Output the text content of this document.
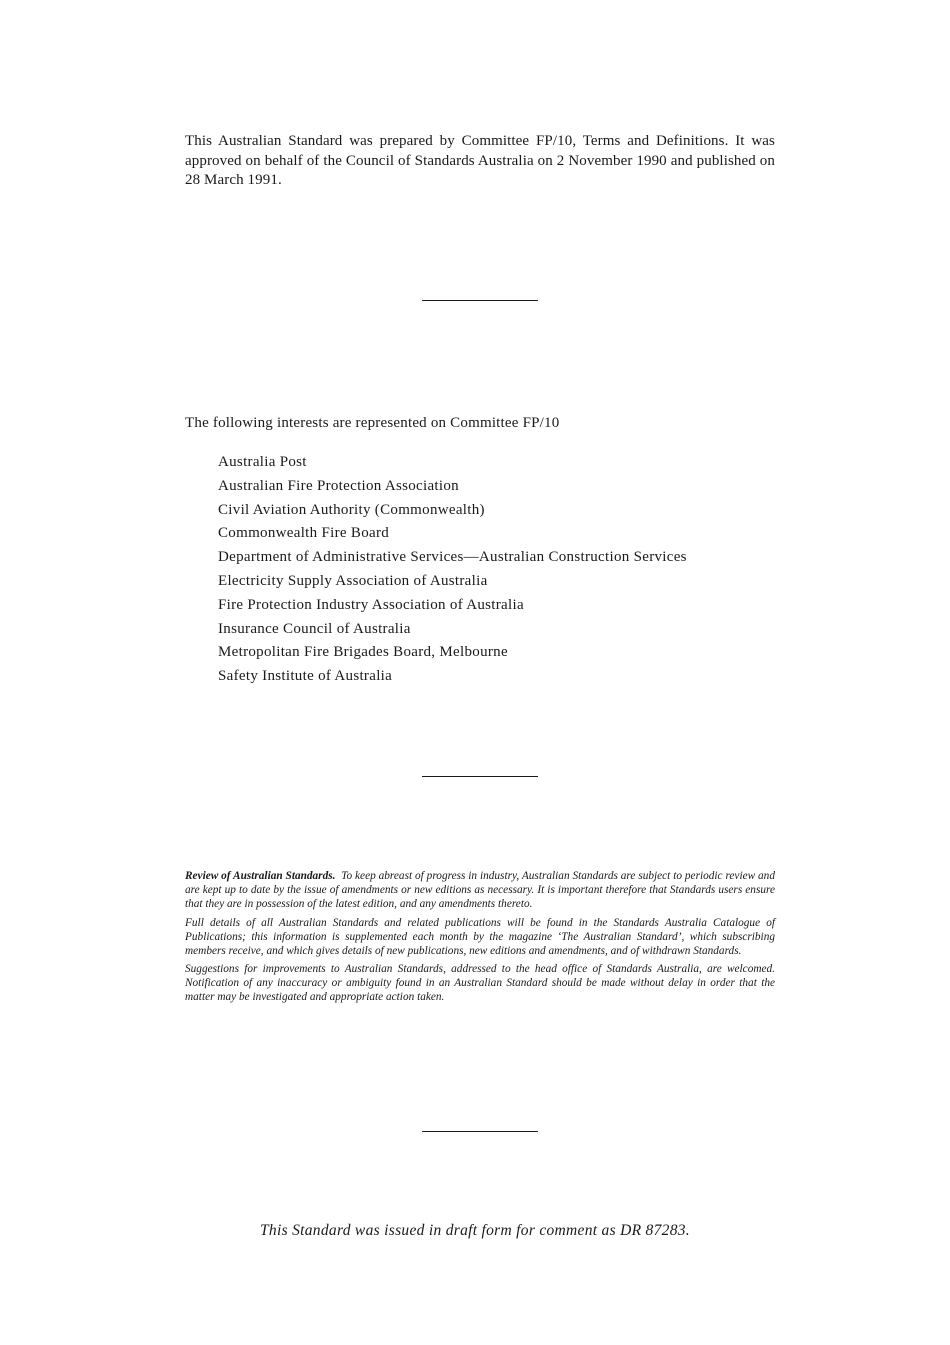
This Australian Standard was prepared by Committee FP/10, Terms and Definitions. It was approved on behalf of the Council of Standards Australia on 2 November 1990 and published on 28 March 1991.

The following interests are represented on Committee FP/10

Australia Post
Australian Fire Protection Association
Civil Aviation Authority (Commonwealth)
Commonwealth Fire Board
Department of Administrative Services—Australian Construction Services
Electricity Supply Association of Australia
Fire Protection Industry Association of Australia
Insurance Council of Australia
Metropolitan Fire Brigades Board, Melbourne
Safety Institute of Australia

Review of Australian Standards. To keep abreast of progress in industry, Australian Standards are subject to periodic review and are kept up to date by the issue of amendments or new editions as necessary. It is important therefore that Standards users ensure that they are in possession of the latest edition, and any amendments thereto.

Full details of all Australian Standards and related publications will be found in the Standards Australia Catalogue of Publications; this information is supplemented each month by the magazine ‘The Australian Standard’, which subscribing members receive, and which gives details of new publications, new editions and amendments, and of withdrawn Standards.

Suggestions for improvements to Australian Standards, addressed to the head office of Standards Australia, are welcomed. Notification of any inaccuracy or ambiguity found in an Australian Standard should be made without delay in order that the matter may be investigated and appropriate action taken.

This Standard was issued in draft form for comment as DR 87283.
